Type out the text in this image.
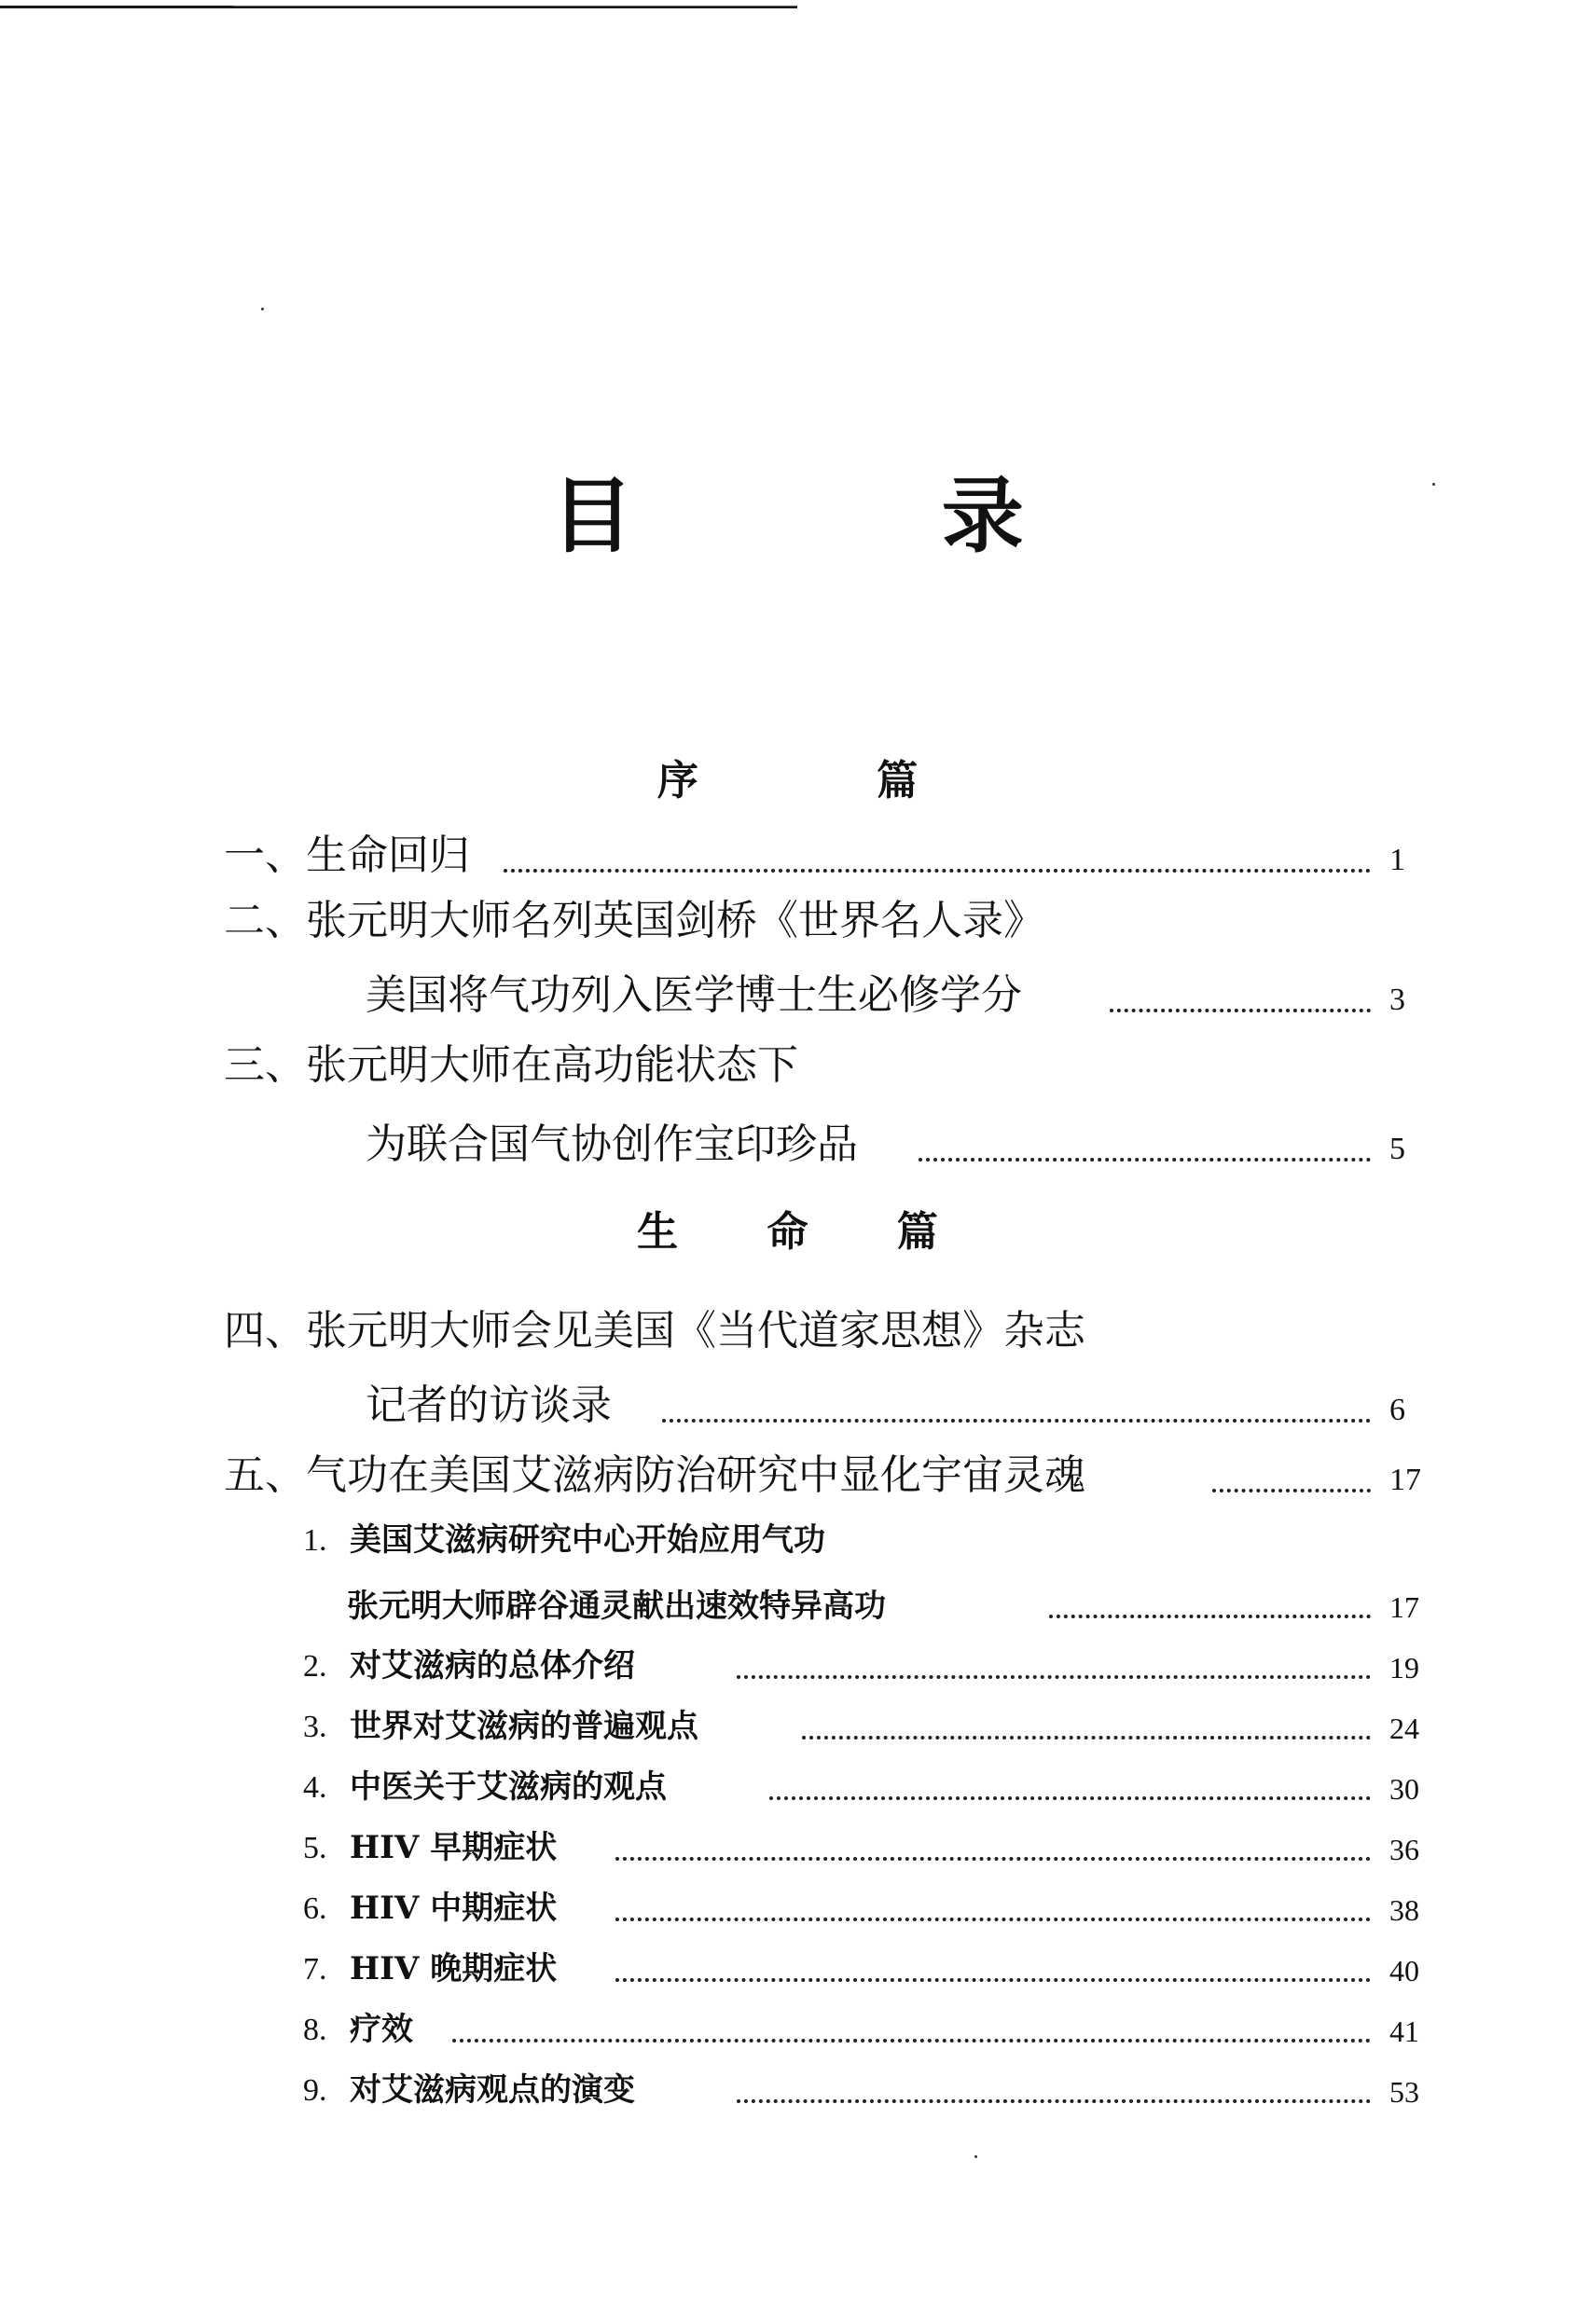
目 录
序 篇
一、生命回归	1
二、张元明大师名列英国剑桥《世界名人录》
美国将气功列入医学博士生必修学分	3
三、张元明大师在高功能状态下
为联合国气协创作宝印珍品	5
生 命 篇
四、张元明大师会见美国《当代道家思想》杂志
记者的访谈录	6
五、气功在美国艾滋病防治研究中显化宇宙灵魂	17
1. 美国艾滋病研究中心开始应用气功
张元明大师辟谷通灵献出速效特异高功	17
2. 对艾滋病的总体介绍	19
3. 世界对艾滋病的普遍观点	24
4. 中医关于艾滋病的观点	30
5. HIV 早期症状	36
6. HIV 中期症状	38
7. HIV 晚期症状	40
8. 疗效	41
9. 对艾滋病观点的演变	53
